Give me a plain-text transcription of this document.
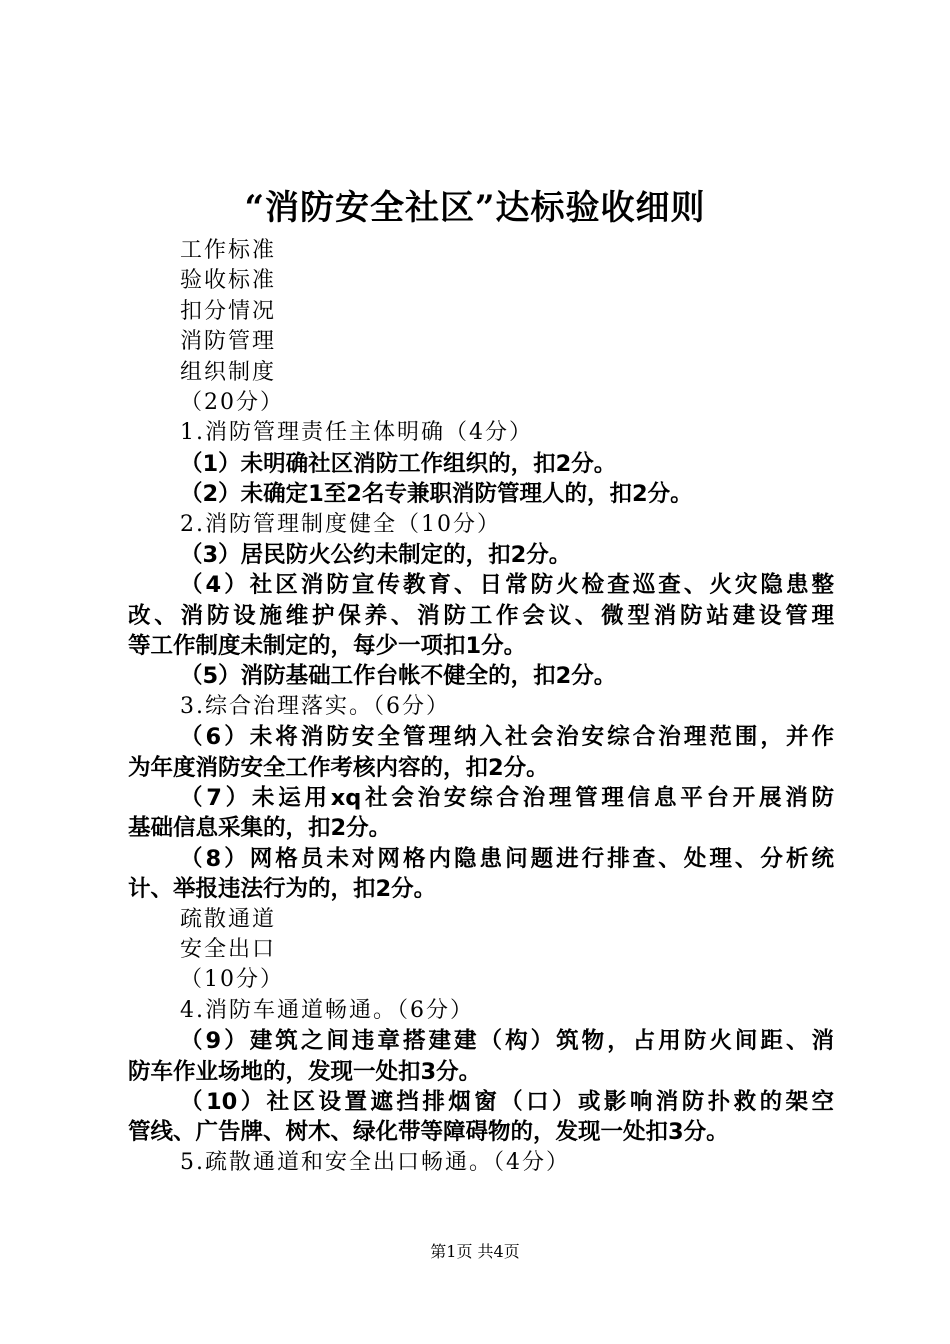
“消防安全社区”达标验收细则
工作标准
验收标准
扣分情况
消防管理
组织制度
（20分）
1.消防管理责任主体明确（4分）
（1）未明确社区消防工作组织的，扣2分。
（2）未确定1至2名专兼职消防管理人的，扣2分。
2.消防管理制度健全（10分）
（3）居民防火公约未制定的，扣2分。
（4）社区消防宣传教育、日常防火检查巡查、火灾隐患整
改、消防设施维护保养、消防工作会议、微型消防站建设管理
等工作制度未制定的，每少一项扣1分。
（5）消防基础工作台帐不健全的，扣2分。
3.综合治理落实。（6分）
（6）未将消防安全管理纳入社会治安综合治理范围，并作
为年度消防安全工作考核内容的，扣2分。
（7）未运用xq社会治安综合治理管理信息平台开展消防
基础信息采集的，扣2分。
（8）网格员未对网格内隐患问题进行排查、处理、分析统
计、举报违法行为的，扣2分。
疏散通道
安全出口
（10分）
4.消防车通道畅通。（6分）
（9）建筑之间违章搭建建（构）筑物，占用防火间距、消
防车作业场地的，发现一处扣3分。
（10）社区设置遮挡排烟窗（口）或影响消防扑救的架空
管线、广告牌、树木、绿化带等障碍物的，发现一处扣3分。
5.疏散通道和安全出口畅通。（4分）
第1页 共4页
